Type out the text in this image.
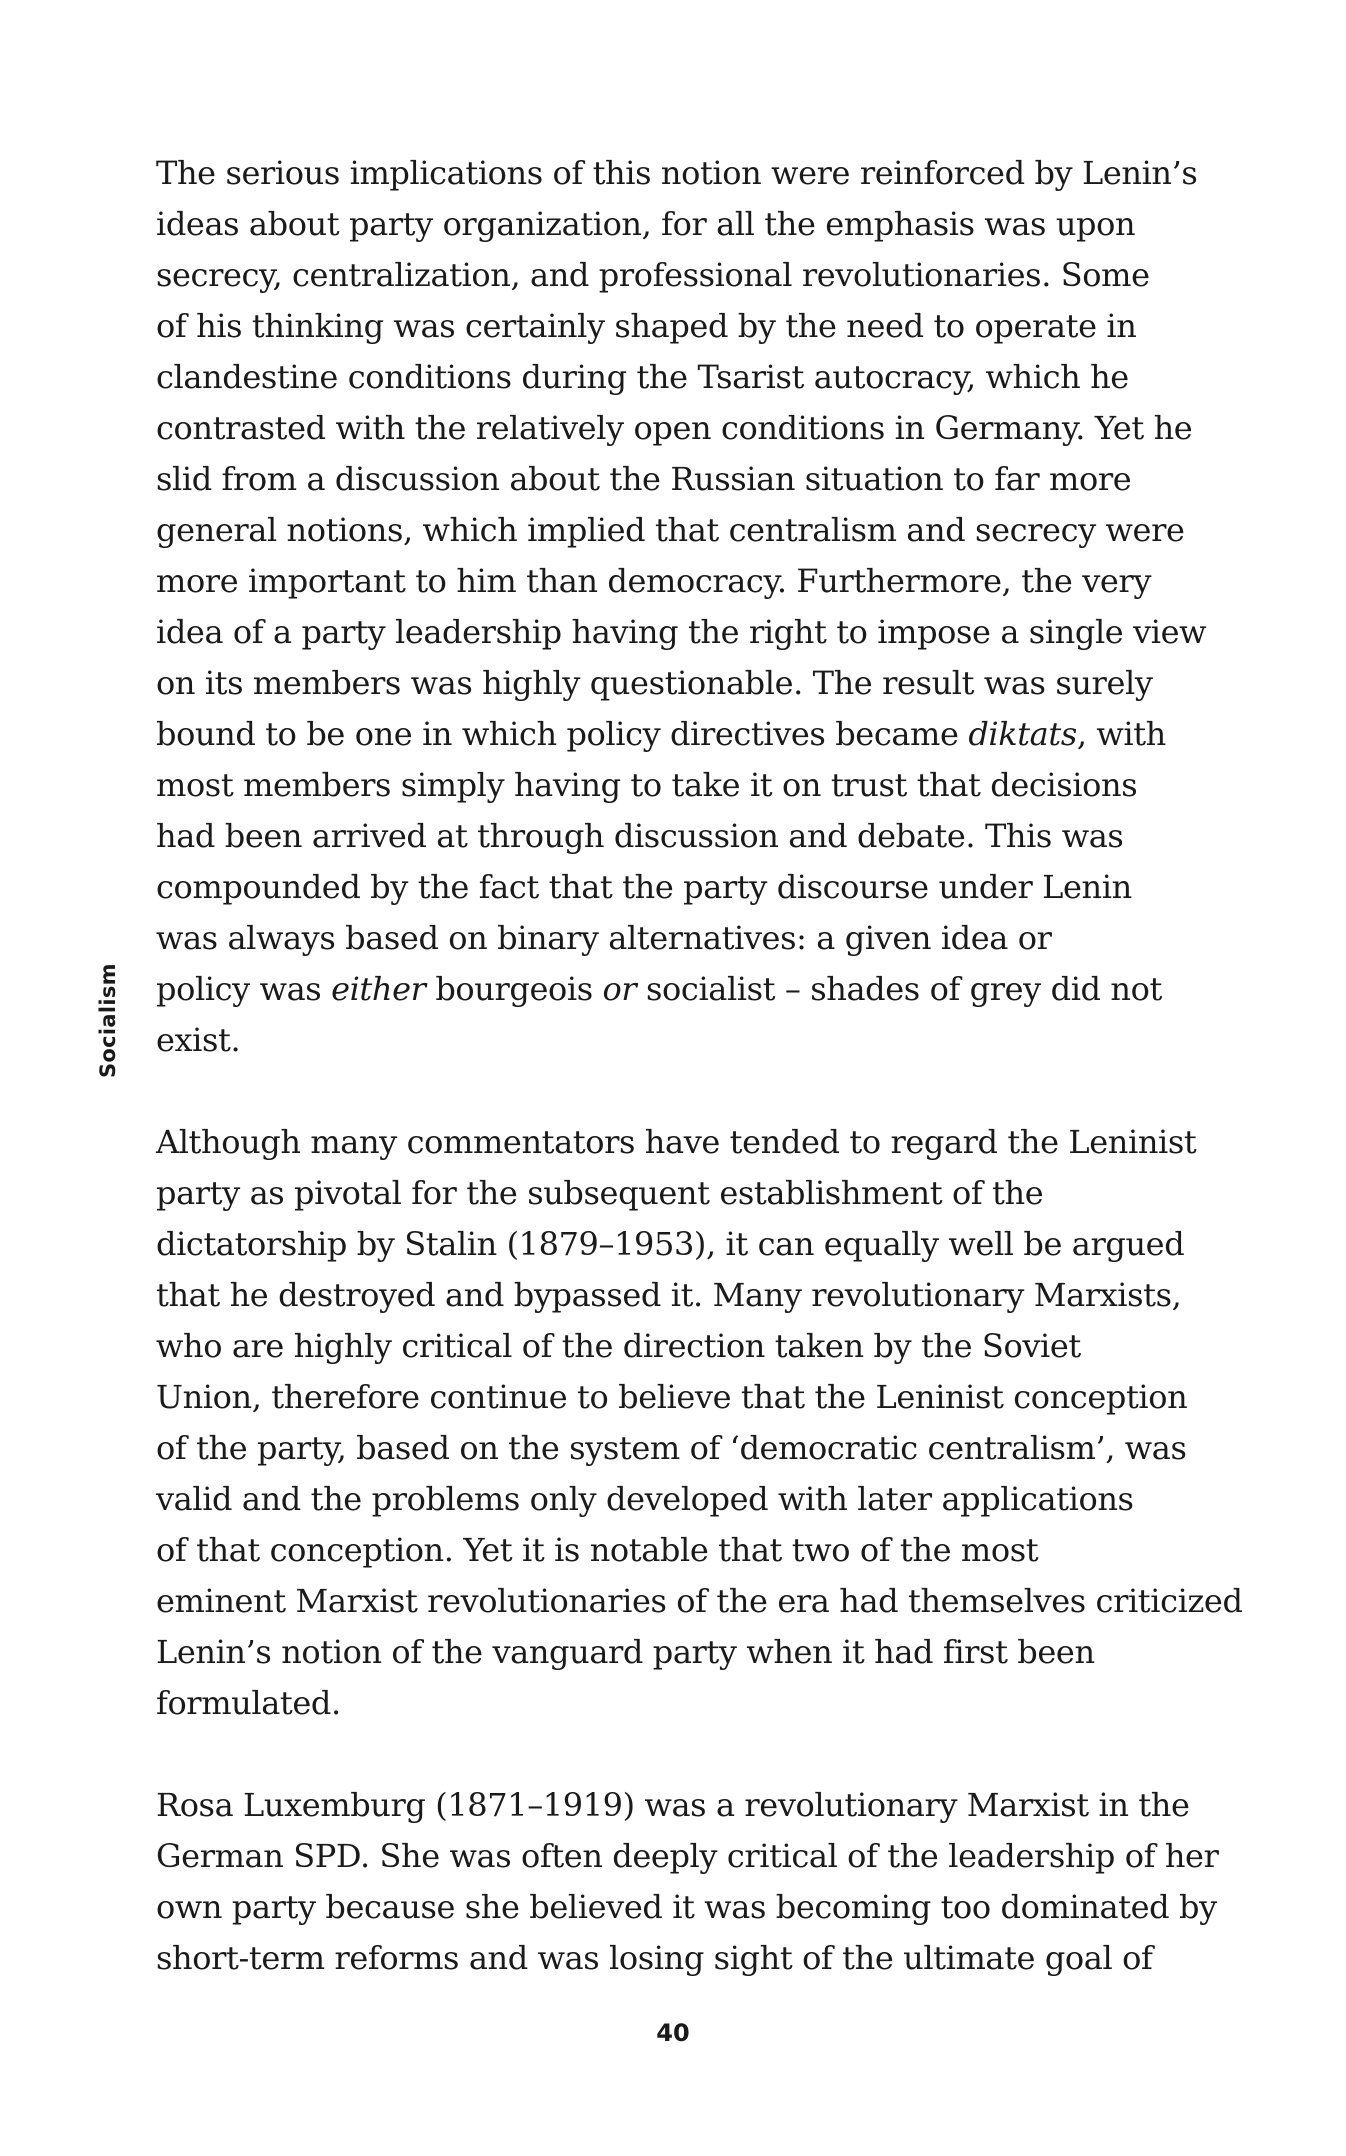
Socialism
The serious implications of this notion were reinforced by Lenin’s
ideas about party organization, for all the emphasis was upon
secrecy, centralization, and professional revolutionaries. Some
of his thinking was certainly shaped by the need to operate in
clandestine conditions during the Tsarist autocracy, which he
contrasted with the relatively open conditions in Germany. Yet he
slid from a discussion about the Russian situation to far more
general notions, which implied that centralism and secrecy were
more important to him than democracy. Furthermore, the very
idea of a party leadership having the right to impose a single view
on its members was highly questionable. The result was surely
bound to be one in which policy directives became diktats, with
most members simply having to take it on trust that decisions
had been arrived at through discussion and debate. This was
compounded by the fact that the party discourse under Lenin
was always based on binary alternatives: a given idea or
policy was either bourgeois or socialist – shades of grey did not
exist.
Although many commentators have tended to regard the Leninist
party as pivotal for the subsequent establishment of the
dictatorship by Stalin (1879–1953), it can equally well be argued
that he destroyed and bypassed it. Many revolutionary Marxists,
who are highly critical of the direction taken by the Soviet
Union, therefore continue to believe that the Leninist conception
of the party, based on the system of ‘democratic centralism’, was
valid and the problems only developed with later applications
of that conception. Yet it is notable that two of the most
eminent Marxist revolutionaries of the era had themselves criticized
Lenin’s notion of the vanguard party when it had first been
formulated.
Rosa Luxemburg (1871–1919) was a revolutionary Marxist in the
German SPD. She was often deeply critical of the leadership of her
own party because she believed it was becoming too dominated by
short-term reforms and was losing sight of the ultimate goal of
40
